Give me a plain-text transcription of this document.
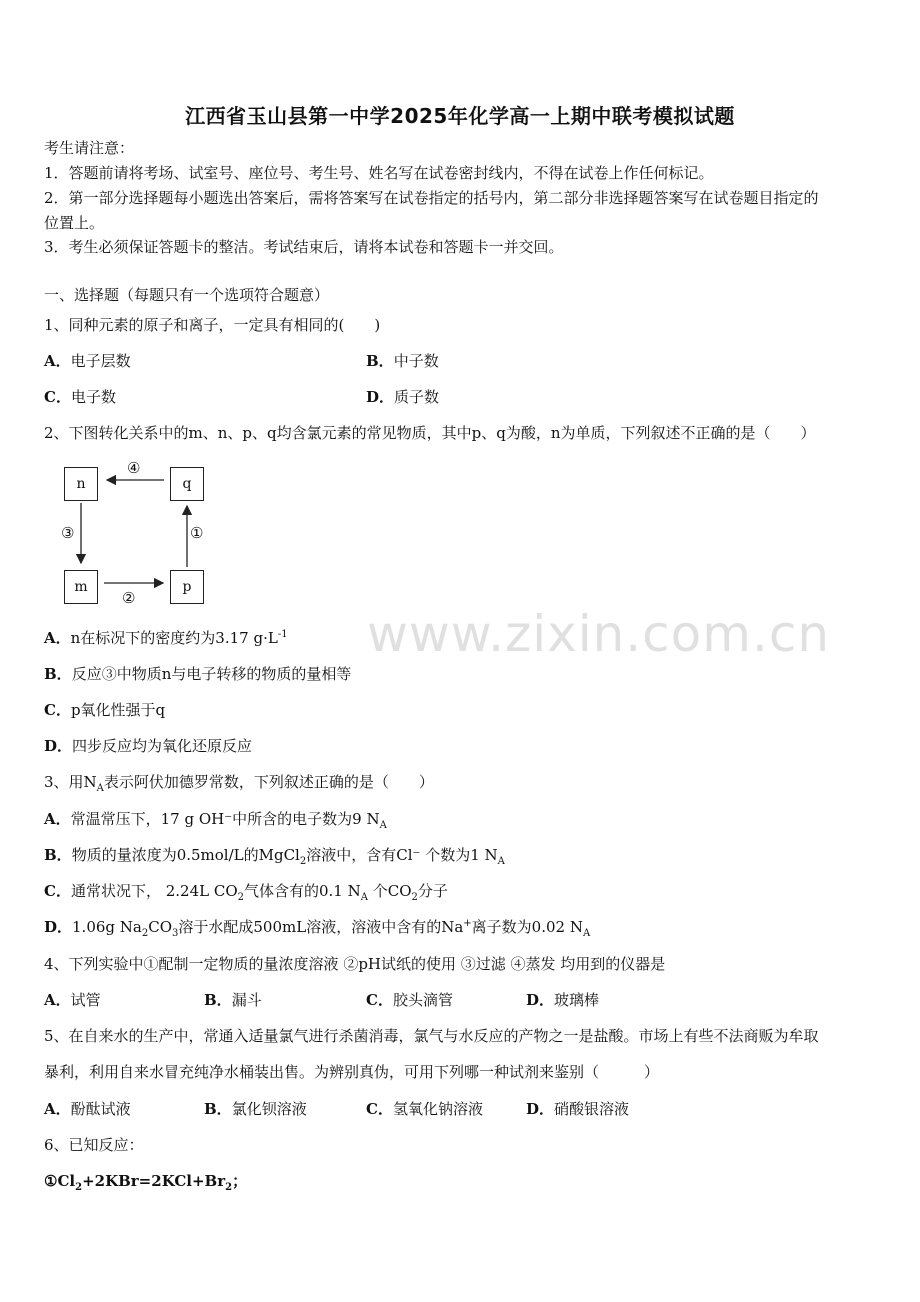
江西省玉山县第一中学2025年化学高一上期中联考模拟试题
考生请注意：
1．答题前请将考场、试室号、座位号、考生号、姓名写在试卷密封线内，不得在试卷上作任何标记。
2．第一部分选择题每小题选出答案后，需将答案写在试卷指定的括号内，第二部分非选择题答案写在试卷题目指定的
位置上。
3．考生必须保证答题卡的整洁。考试结束后，请将本试卷和答题卡一并交回。
一、选择题（每题只有一个选项符合题意）
1、同种元素的原子和离子，一定具有相同的(　　)
A．电子层数	B．中子数
C．电子数	D．质子数
2、下图转化关系中的m、n、p、q均含氯元素的常见物质，其中p、q为酸，n为单质，下列叙述不正确的是（　　）
n	q
m	p
④
③
②
①
www.zixin.com.cn
A．n在标况下的密度约为3.17 $g\cdot L^{-1}$
B．反应③中物质n与电子转移的物质的量相等
C．p氧化性强于q
D．四步反应均为氧化还原反应
3、用$N_A$表示阿伏加德罗常数，下列叙述正确的是（　　）
A．常温常压下，17 g OH⁻中所含的电子数为9 $N_A$
B．物质的量浓度为0.5mol/L的MgCl$_2$溶液中，含有Cl⁻ 个数为1 $N_A$
C．通常状况下， 2.24L $CO_2$气体含有的0.1 $N_A$ 个$CO_2$分子
D．1.06g $Na_2CO_3$溶于水配成500mL溶液，溶液中含有的Na+离子数为0.02 $N_A$
4、下列实验中①配制一定物质的量浓度溶液 ②pH试纸的使用 ③过滤 ④蒸发 均用到的仪器是
A．试管	B．漏斗	C．胶头滴管	D．玻璃棒
5、在自来水的生产中，常通入适量氯气进行杀菌消毒，氯气与水反应的产物之一是盐酸。市场上有些不法商贩为牟取
暴利，利用自来水冒充纯净水桶装出售。为辨别真伪，可用下列哪一种试剂来鉴别（　　　）
A．酚酞试液	B．氯化钡溶液	C．氢氧化钠溶液	D．硝酸银溶液
6、已知反应：
$①Cl_2+2KBr=2KCl+Br_2$；
